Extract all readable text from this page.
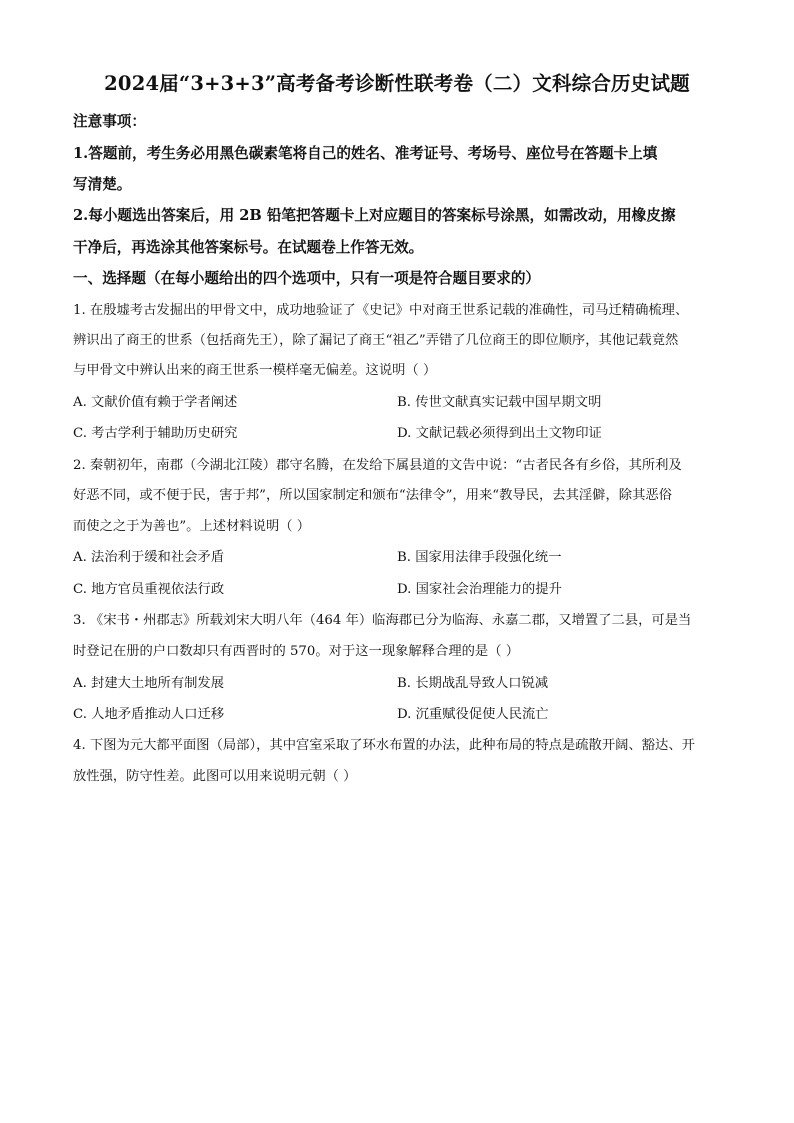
2024届“3+3+3”高考备考诊断性联考卷（二）文科综合历史试题
注意事项：
1.答题前，考生务必用黑色碳素笔将自己的姓名、准考证号、考场号、座位号在答题卡上填
写清楚。
2.每小题选出答案后，用 2B 铅笔把答题卡上对应题目的答案标号涂黑，如需改动，用橡皮擦
干净后，再选涂其他答案标号。在试题卷上作答无效。
一、选择题（在每小题给出的四个选项中，只有一项是符合题目要求的）
1. 在殷墟考古发掘出的甲骨文中，成功地验证了《史记》中对商王世系记载的准确性，司马迁精确梳理、
辨识出了商王的世系（包括商先王），除了漏记了商王“祖乙”弄错了几位商王的即位顺序，其他记载竟然
与甲骨文中辨认出来的商王世系一模样毫无偏差。这说明（ ）
A. 文献价值有赖于学者阐述	B. 传世文献真实记载中国早期文明
C. 考古学利于辅助历史研究	D. 文献记载必须得到出土文物印证
2. 秦朝初年，南郡（今湖北江陵）郡守名腾，在发给下属县道的文告中说：“古者民各有乡俗，其所利及
好恶不同，或不便于民，害于邦”，所以国家制定和颁布“法律令”，用来“教导民，去其淫僻，除其恶俗
而使之之于为善也”。上述材料说明（ ）
A. 法治利于缓和社会矛盾	B. 国家用法律手段强化统一
C. 地方官员重视依法行政	D. 国家社会治理能力的提升
3. 《宋书・州郡志》所载刘宋大明八年（464 年）临海郡已分为临海、永嘉二郡，又增置了二县，可是当
时登记在册的户口数却只有西晋时的 570。对于这一现象解释合理的是（ ）
A. 封建大土地所有制发展	B. 长期战乱导致人口锐减
C. 人地矛盾推动人口迁移	D. 沉重赋役促使人民流亡
4. 下图为元大都平面图（局部），其中宫室采取了环水布置的办法，此种布局的特点是疏散开阔、豁达、开
放性强，防守性差。此图可以用来说明元朝（ ）
